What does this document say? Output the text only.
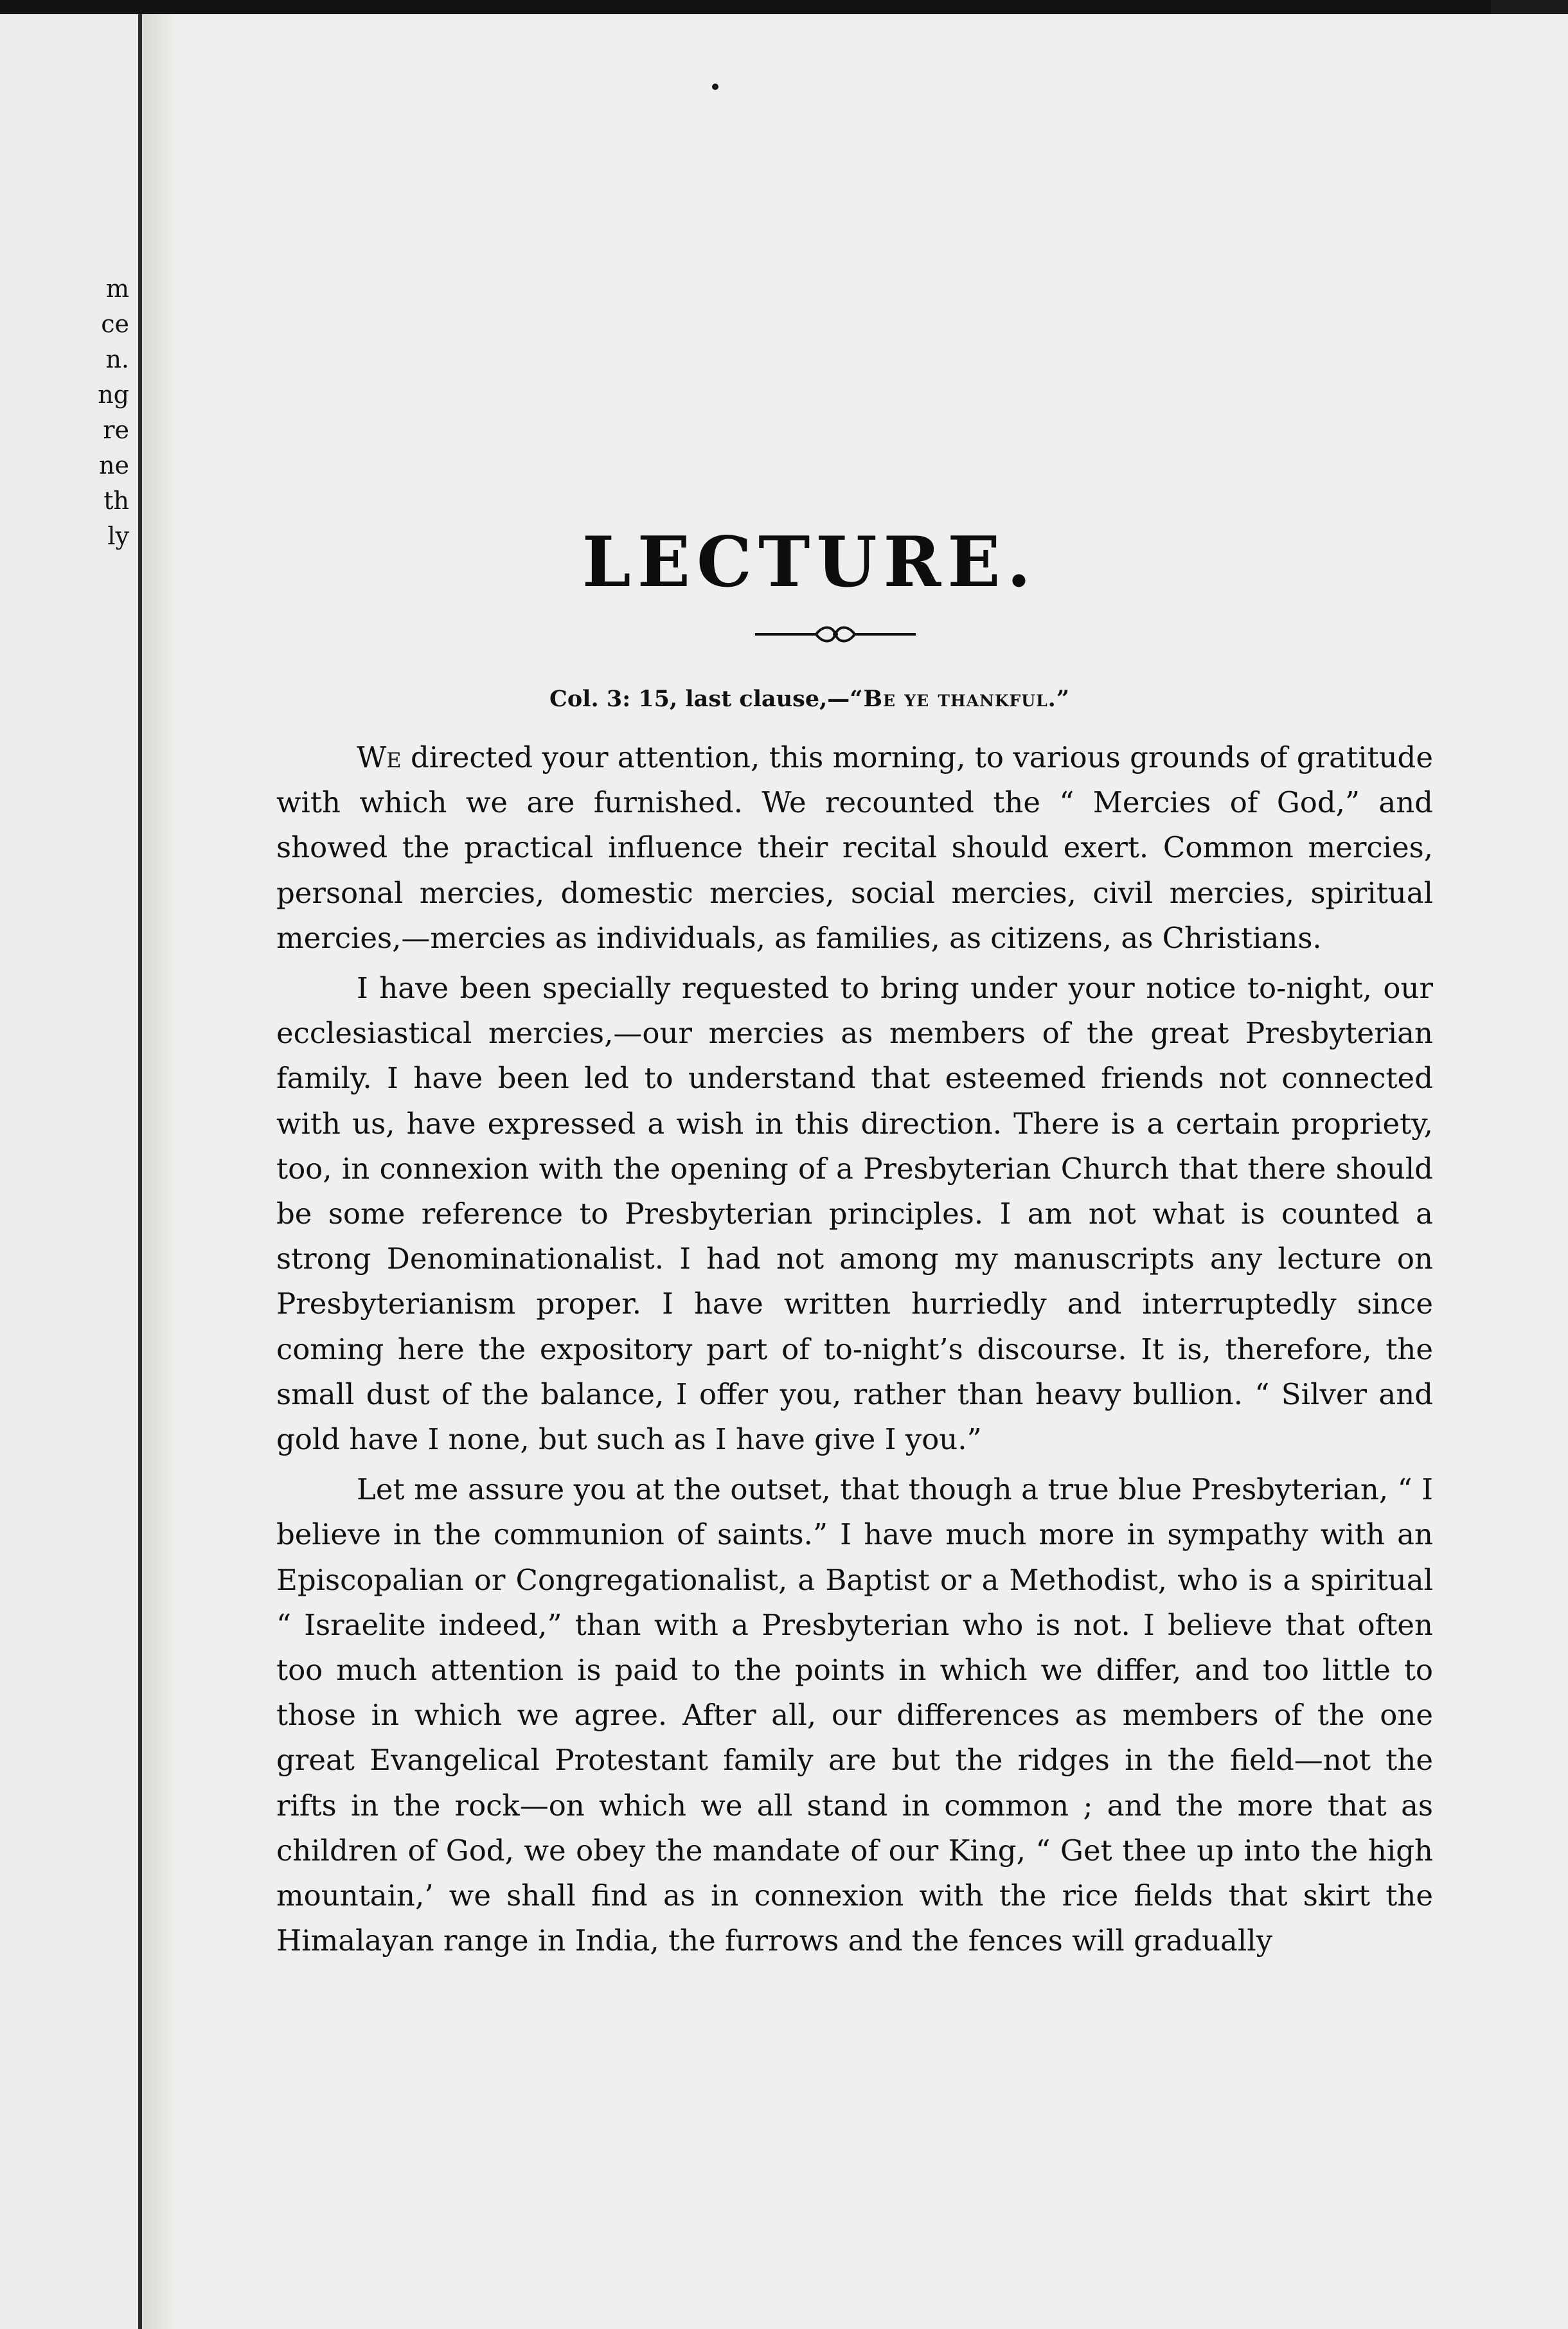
m
ce
n.
ng
re
ne
th
ly	LECTURE.
Col. 3: 15, last clause,—“Be ye thankful.”

We directed your attention, this morning, to various grounds of gratitude with which we are furnished. We recounted the “ Mercies of God,” and showed the practical influence their recital should exert. Common mercies, personal mercies, domestic mercies, social mercies, civil mercies, spiritual mercies,—mercies as individuals, as families, as citizens, as Christians.

I have been specially requested to bring under your notice to-night, our ecclesiastical mercies,—our mercies as members of the great Presbyterian family. I have been led to understand that esteemed friends not connected with us, have expressed a wish in this direction. There is a certain propriety, too, in connexion with the opening of a Presbyterian Church that there should be some reference to Presbyterian principles. I am not what is counted a strong Denominationalist. I had not among my manuscripts any lecture on Presbyterianism proper. I have written hurriedly and interruptedly since coming here the expository part of to-night’s discourse. It is, therefore, the small dust of the balance, I offer you, rather than heavy bullion. “ Silver and gold have I none, but such as I have give I you.”

Let me assure you at the outset, that though a true blue Presbyterian, “ I believe in the communion of saints.” I have much more in sympathy with an Episcopalian or Congregationalist, a Baptist or a Methodist, who is a spiritual “ Israelite indeed,” than with a Presbyterian who is not. I believe that often too much attention is paid to the points in which we differ, and too little to those in which we agree. After all, our differences as members of the one great Evangelical Protestant family are but the ridges in the field—not the rifts in the rock—on which we all stand in common ; and the more that as children of God, we obey the mandate of our King, “ Get thee up into the high mountain,’ we shall find as in connexion with the rice fields that skirt the Himalayan range in India, the furrows and the fences will gradually
